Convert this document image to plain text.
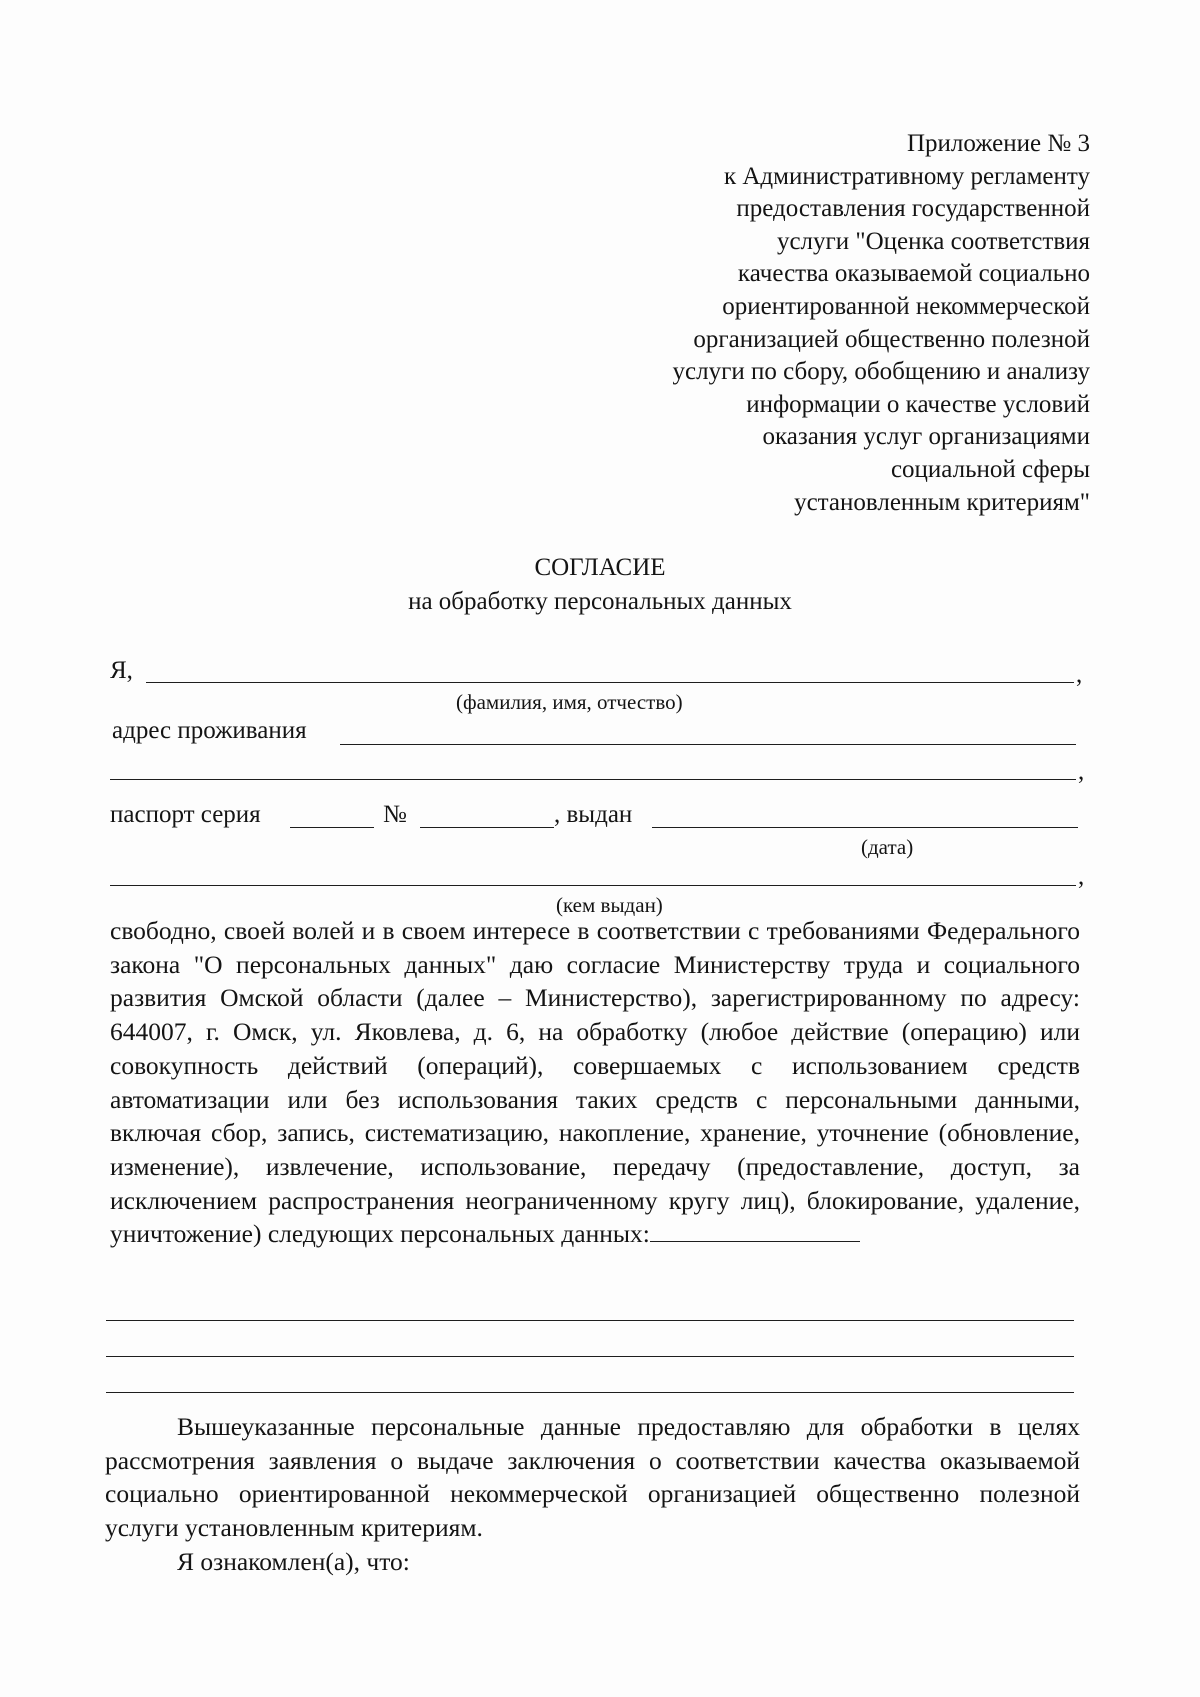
Приложение № 3
к Административному регламенту
предоставления государственной
услуги "Оценка соответствия
качества оказываемой социально
ориентированной некоммерческой
организацией общественно полезной
услуги по сбору, обобщению и анализу
информации о качестве условий
оказания услуг организациями
социальной сферы
установленным критериям"
СОГЛАСИЕ
на обработку персональных данных
Я,	,
(фамилия, имя, отчество)
адрес проживания
,
паспорт серия	№	, выдан
(дата)
,
(кем выдан)

свободно, своей волей и в своем интересе в соответствии с требованиями Федерального закона "О персональных данных" даю согласие Министерству труда и социального развития Омской области (далее – Министерство), зарегистрированному по адресу: 644007, г. Омск, ул. Яковлева, д. 6, на обработку (любое действие (операцию) или совокупность действий (операций), совершаемых с использованием средств автоматизации или без использования таких средств с персональными данными, включая сбор, запись, систематизацию, накопление, хранение, уточнение (обновление, изменение), извлечение, использование, передачу (предоставление, доступ, за исключением распространения неограниченному кругу лиц), блокирование, удаление, уничтожение) следующих персональных данных:

Вышеуказанные персональные данные предоставляю для обработки в целях рассмотрения заявления о выдаче заключения о соответствии качества оказываемой социально ориентированной некоммерческой организацией общественно полезной услуги установленным критериям.

Я ознакомлен(а), что:
